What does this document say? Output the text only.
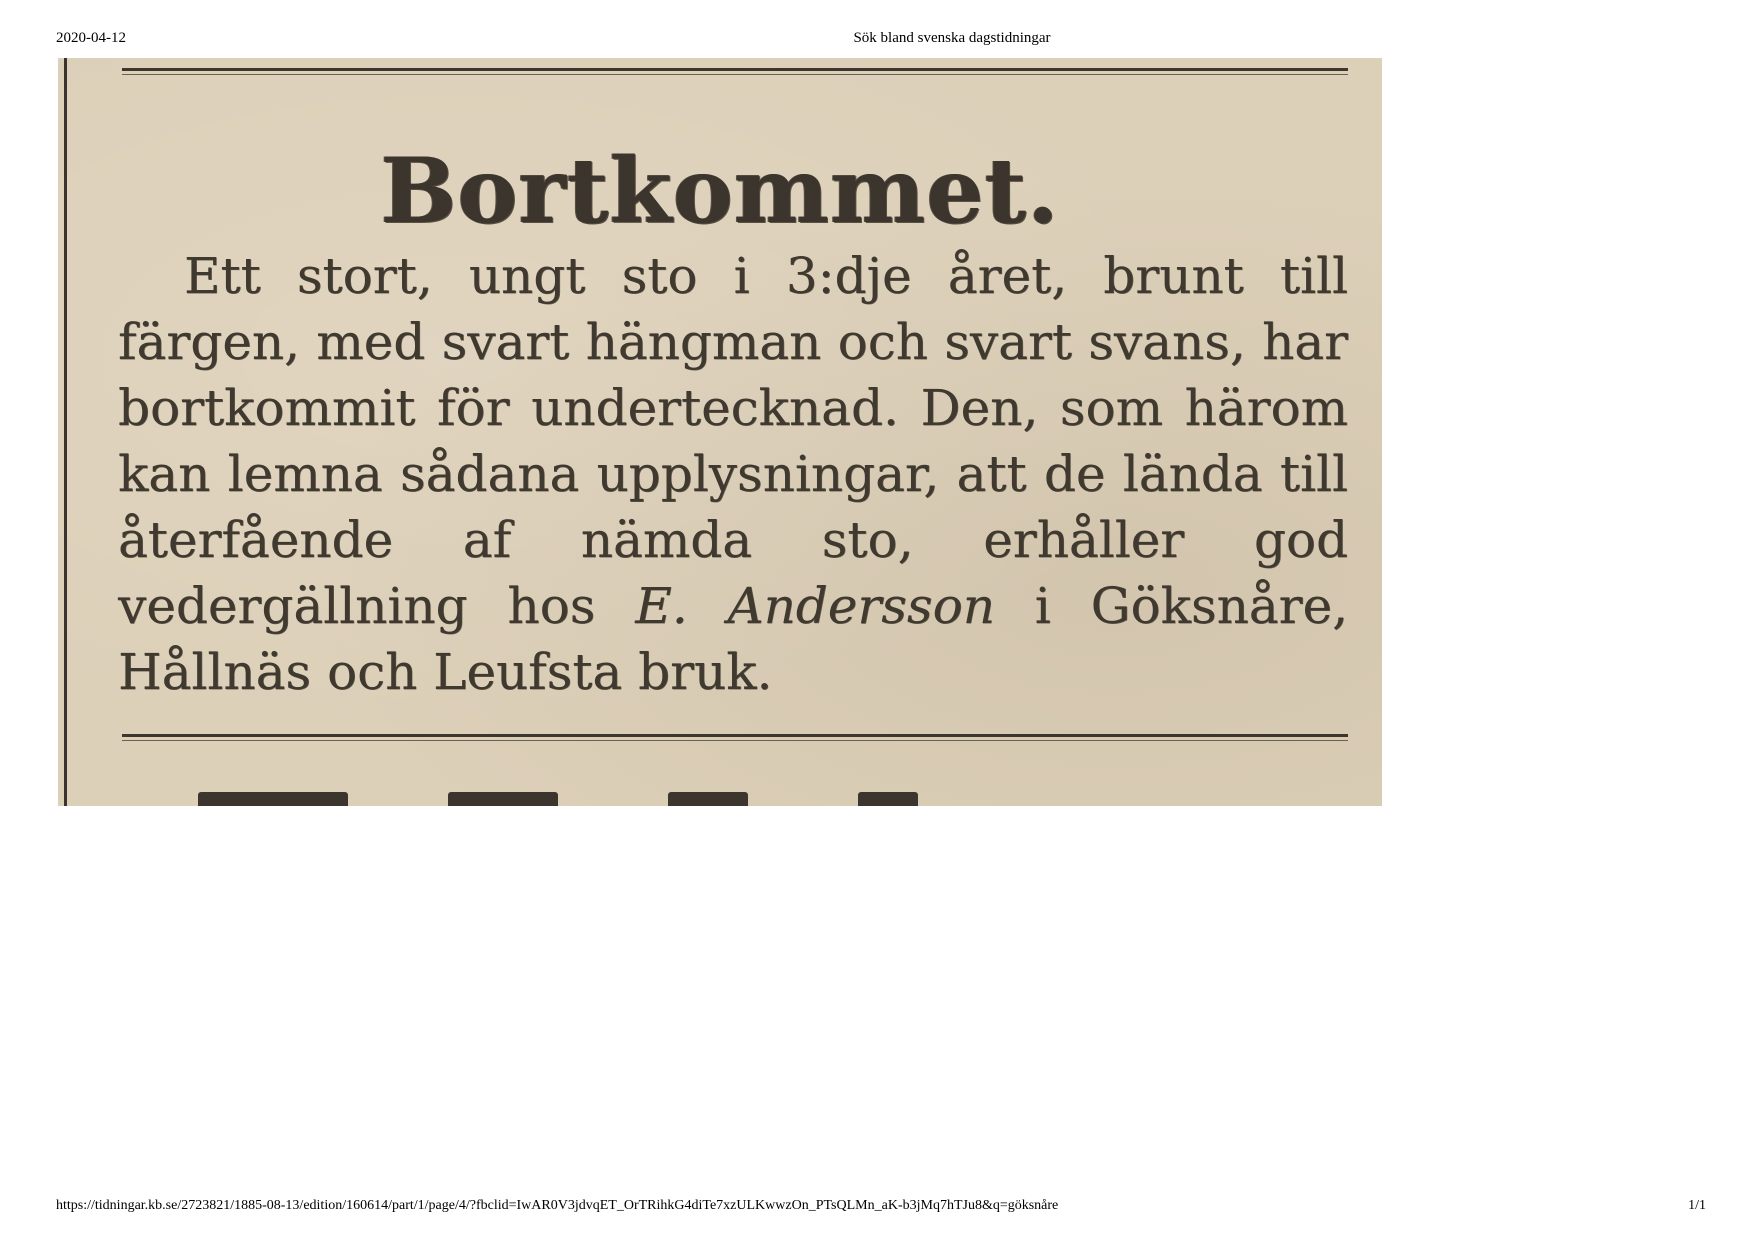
2020-04-12	Sök bland svenska dagstidningar
Bortkommet.

Ett stort, ungt sto i 3:dje året, brunt till färgen, med svart hängman och svart svans, har bortkommit för undertecknad. Den, som härom kan lemna sådana upplysningar, att de lända till återfående af nämda sto, erhåller god vedergällning hos E. Andersson i Göksnåre, Hållnäs och Leufsta bruk.

https://tidningar.kb.se/2723821/1885-08-13/edition/160614/part/1/page/4/?fbclid=IwAR0V3jdvqET_OrTRihkG4diTe7xzULKwwzOn_PTsQLMn_aK-b3jMq7hTJu8&q=göksnåre	1/1
